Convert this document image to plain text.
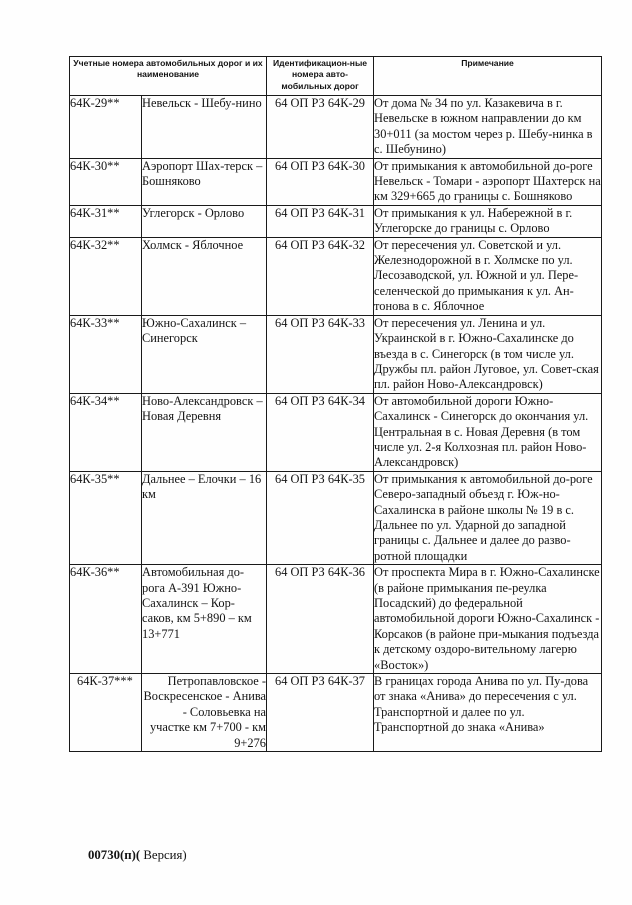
Учетные номера автомобильных дорог и их наименование		Идентификацион-ные номера авто-мобильных дорог	Примечание
64К-29**	Невельск - Шебу-нино	64 ОП РЗ 64К-29	От дома № 34 по ул. Казакевича в г. Невельске в южном направлении до км 30+011 (за мостом через р. Шебу-нинка в с. Шебунино)
64К-30**	Аэропорт Шах-терск – Бошняково	64 ОП РЗ 64К-30	От примыкания к автомобильной до-роге Невельск - Томари - аэропорт Шахтерск на км 329+665 до границы с. Бошняково
64К-31**	Углегорск - Орлово	64 ОП РЗ 64К-31	От примыкания к ул. Набережной в г. Углегорске до границы с. Орлово
64К-32**	Холмск - Яблочное	64 ОП РЗ 64К-32	От пересечения ул. Советской и ул. Железнодорожной в г. Холмске по ул. Лесозаводской, ул. Южной и ул. Пере-селенческой до примыкания к ул. Ан-тонова в с. Яблочное
64К-33**	Южно-Сахалинск – Синегорск	64 ОП РЗ 64К-33	От пересечения ул. Ленина и ул. Украинской в г. Южно-Сахалинске до въезда в с. Синегорск (в том числе ул. Дружбы пл. район Луговое, ул. Совет-ская пл. район Ново-Александровск)
64К-34**	Ново-Александровск – Новая Деревня	64 ОП РЗ 64К-34	От автомобильной дороги Южно-Сахалинск - Синегорск до окончания ул. Центральная в с. Новая Деревня (в том числе ул. 2-я Колхозная пл. район Ново-Александровск)
64К-35**	Дальнее – Елочки – 16 км	64 ОП РЗ 64К-35	От примыкания к автомобильной до-роге Северо-западный объезд г. Юж-но-Сахалинска в районе школы № 19 в с. Дальнее по ул. Ударной до западной границы с. Дальнее и далее до разво-ротной площадки
64К-36**	Автомобильная до-рога А-391 Южно-Сахалинск – Кор-саков, км 5+890 – км 13+771	64 ОП РЗ 64К-36	От проспекта Мира в г. Южно-Сахалинске (в районе примыкания пе-реулка Посадский) до федеральной автомобильной дороги Южно-Сахалинск - Корсаков (в районе при-мыкания подъезда к детскому оздоро-вительному лагерю «Восток»)
64К-37***	Петропавловское - Воскресенское - Анива - Соловьевка на участке км 7+700 - км 9+276	64 ОП РЗ 64К-37	В границах города Анива по ул. Пу-дова от знака «Анива» до пересечения с ул. Транспортной и далее по ул. Транспортной до знака «Анива»
00730(п)( Версия)
